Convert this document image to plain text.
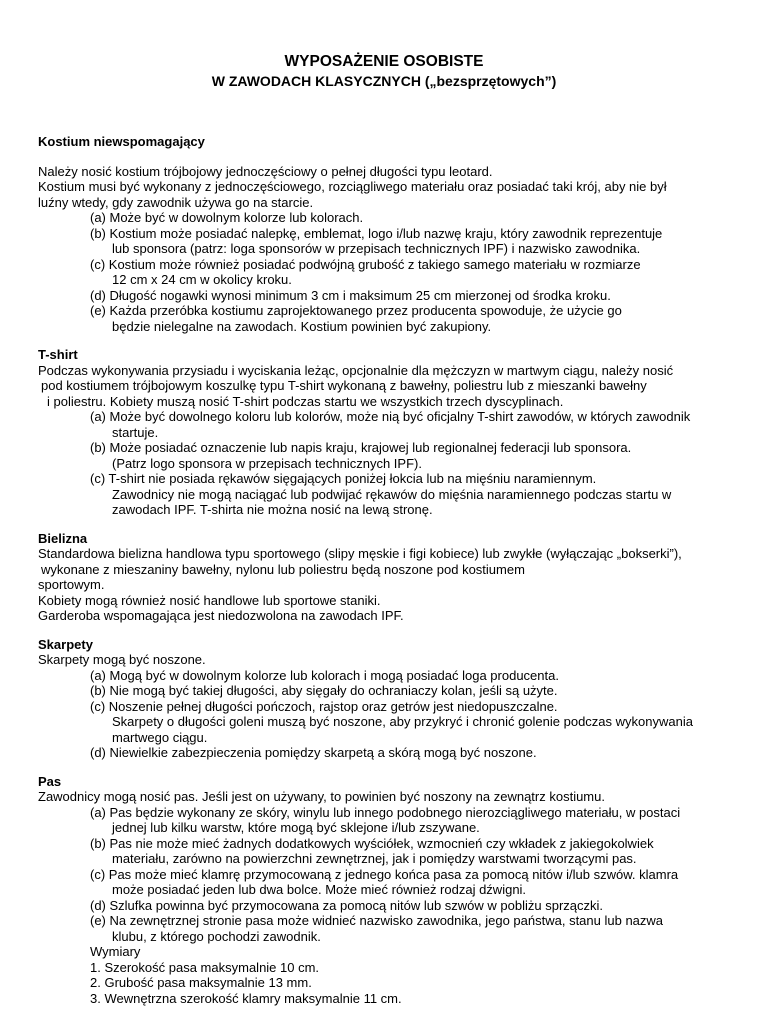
WYPOSAŻENIE OSOBISTE
W ZAWODACH KLASYCZNYCH („bezsprzętowych”)
Kostium niewspomagający
Należy nosić kostium trójbojowy jednoczęściowy o pełnej długości typu leotard.
Kostium musi być wykonany z jednoczęściowego, rozciągliwego materiału oraz posiadać taki krój, aby nie był
luźny wtedy, gdy zawodnik używa go na starcie.
(a) Może być w dowolnym kolorze lub kolorach.
(b) Kostium może posiadać nalepkę, emblemat, logo i/lub nazwę kraju, który zawodnik reprezentuje
lub sponsora (patrz: loga sponsorów w przepisach technicznych IPF) i nazwisko zawodnika.
(c) Kostium może również posiadać podwójną grubość z takiego samego materiału w rozmiarze
12 cm x 24 cm w okolicy kroku.
(d) Długość nogawki wynosi minimum 3 cm i maksimum 25 cm mierzonej od środka kroku.
(e) Każda przeróbka kostiumu zaprojektowanego przez producenta spowoduje, że użycie go
będzie nielegalne na zawodach. Kostium powinien być zakupiony.
T-shirt
Podczas wykonywania przysiadu i wyciskania leżąc, opcjonalnie dla mężczyzn w martwym ciągu, należy nosić
pod kostiumem trójbojowym koszulkę typu T-shirt wykonaną z bawełny, poliestru lub z mieszanki bawełny
i poliestru. Kobiety muszą nosić T-shirt podczas startu we wszystkich trzech dyscyplinach.
(a) Może być dowolnego koloru lub kolorów, może nią być oficjalny T-shirt zawodów, w których zawodnik
startuje.
(b) Może posiadać oznaczenie lub napis kraju, krajowej lub regionalnej federacji lub sponsora.
(Patrz logo sponsora w przepisach technicznych IPF).
(c) T-shirt nie posiada rękawów sięgających poniżej łokcia lub na mięśniu naramiennym.
Zawodnicy nie mogą naciągać lub podwijać rękawów do mięśnia naramiennego podczas startu w
zawodach IPF. T-shirta nie można nosić na lewą stronę.
Bielizna
Standardowa bielizna handlowa typu sportowego (slipy męskie i figi kobiece) lub zwykłe (wyłączając „bokserki”),
wykonane z mieszaniny bawełny, nylonu lub poliestru będą noszone pod kostiumem
sportowym.
Kobiety mogą również nosić handlowe lub sportowe staniki.
Garderoba wspomagająca jest niedozwolona na zawodach IPF.
Skarpety
Skarpety mogą być noszone.
(a) Mogą być w dowolnym kolorze lub kolorach i mogą posiadać loga producenta.
(b) Nie mogą być takiej długości, aby sięgały do ochraniaczy kolan, jeśli są użyte.
(c) Noszenie pełnej długości pończoch, rajstop oraz getrów jest niedopuszczalne.
Skarpety o długości goleni muszą być noszone, aby przykryć i chronić golenie podczas wykonywania
martwego ciągu.
(d) Niewielkie zabezpieczenia pomiędzy skarpetą a skórą mogą być noszone.
Pas
Zawodnicy mogą nosić pas. Jeśli jest on używany, to powinien być noszony na zewnątrz kostiumu.
(a) Pas będzie wykonany ze skóry, winylu lub innego podobnego nierozciągliwego materiału, w postaci
jednej lub kilku warstw, które mogą być sklejone i/lub zszywane.
(b) Pas nie może mieć żadnych dodatkowych wyściółek, wzmocnień czy wkładek z jakiegokolwiek
materiału, zarówno na powierzchni zewnętrznej, jak i pomiędzy warstwami tworzącymi pas.
(c) Pas może mieć klamrę przymocowaną z jednego końca pasa za pomocą nitów i/lub szwów. klamra
może posiadać jeden lub dwa bolce. Może mieć również rodzaj dźwigni.
(d) Szlufka powinna być przymocowana za pomocą nitów lub szwów w pobliżu sprzączki.
(e) Na zewnętrznej stronie pasa może widnieć nazwisko zawodnika, jego państwa, stanu lub nazwa
klubu, z którego pochodzi zawodnik.
Wymiary
1. Szerokość pasa maksymalnie 10 cm.
2. Grubość pasa maksymalnie 13 mm.
3. Wewnętrzna szerokość klamry maksymalnie 11 cm.
